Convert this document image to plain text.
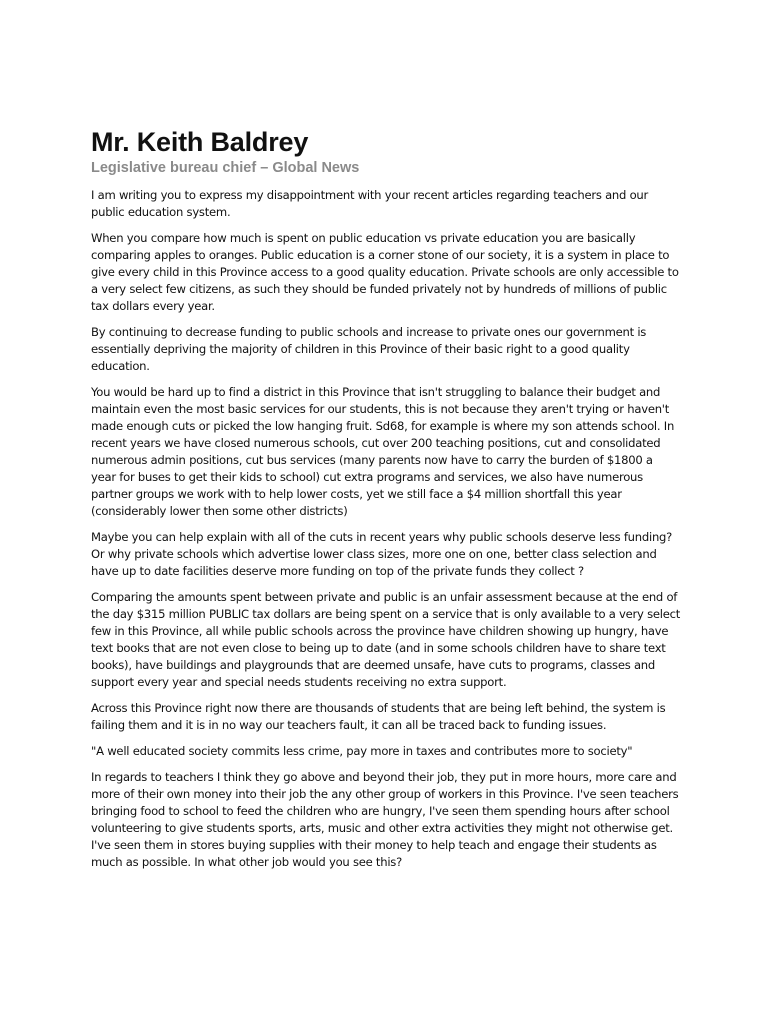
Mr. Keith Baldrey
Legislative bureau chief – Global News

I am writing you to express my disappointment with your recent articles regarding teachers and our public education system.

When you compare how much is spent on public education vs private education you are basically comparing apples to oranges. Public education is a corner stone of our society, it is a system in place to give every child in this Province access to a good quality education. Private schools are only accessible to a very select few citizens, as such they should be funded privately not by hundreds of millions of public tax dollars every year.

By continuing to decrease funding to public schools and increase to private ones our government is essentially depriving the majority of children in this Province of their basic right to a good quality education.

You would be hard up to find a district in this Province that isn't struggling to balance their budget and maintain even the most basic services for our students, this is not because they aren't trying or haven't made enough cuts or picked the low hanging fruit. Sd68, for example is where my son attends school. In recent years we have closed numerous schools, cut over 200 teaching positions, cut and consolidated numerous admin positions, cut bus services (many parents now have to carry the burden of $1800 a year for buses to get their kids to school) cut extra programs and services, we also have numerous partner groups we work with to help lower costs, yet we still face a $4 million shortfall this year (considerably lower then some other districts)

Maybe you can help explain with all of the cuts in recent years why public schools deserve less funding? Or why private schools which advertise lower class sizes, more one on one, better class selection and have up to date facilities deserve more funding on top of the private funds they collect ?

Comparing the amounts spent between private and public is an unfair assessment because at the end of the day $315 million PUBLIC tax dollars are being spent on a service that is only available to a very select few in this Province, all while public schools across the province have children showing up hungry, have text books that are not even close to being up to date (and in some schools children have to share text books), have buildings and playgrounds that are deemed unsafe, have cuts to programs, classes and support every year and special needs students receiving no extra support.

Across this Province right now there are thousands of students that are being left behind, the system is failing them and it is in no way our teachers fault, it can all be traced back to funding issues.

"A well educated society commits less crime, pay more in taxes and contributes more to society"

In regards to teachers I think they go above and beyond their job, they put in more hours, more care and more of their own money into their job the any other group of workers in this Province. I've seen teachers bringing food to school to feed the children who are hungry, I've seen them spending hours after school volunteering to give students sports, arts, music and other extra activities they might not otherwise get. I've seen them in stores buying supplies with their money to help teach and engage their students as much as possible. In what other job would you see this?
